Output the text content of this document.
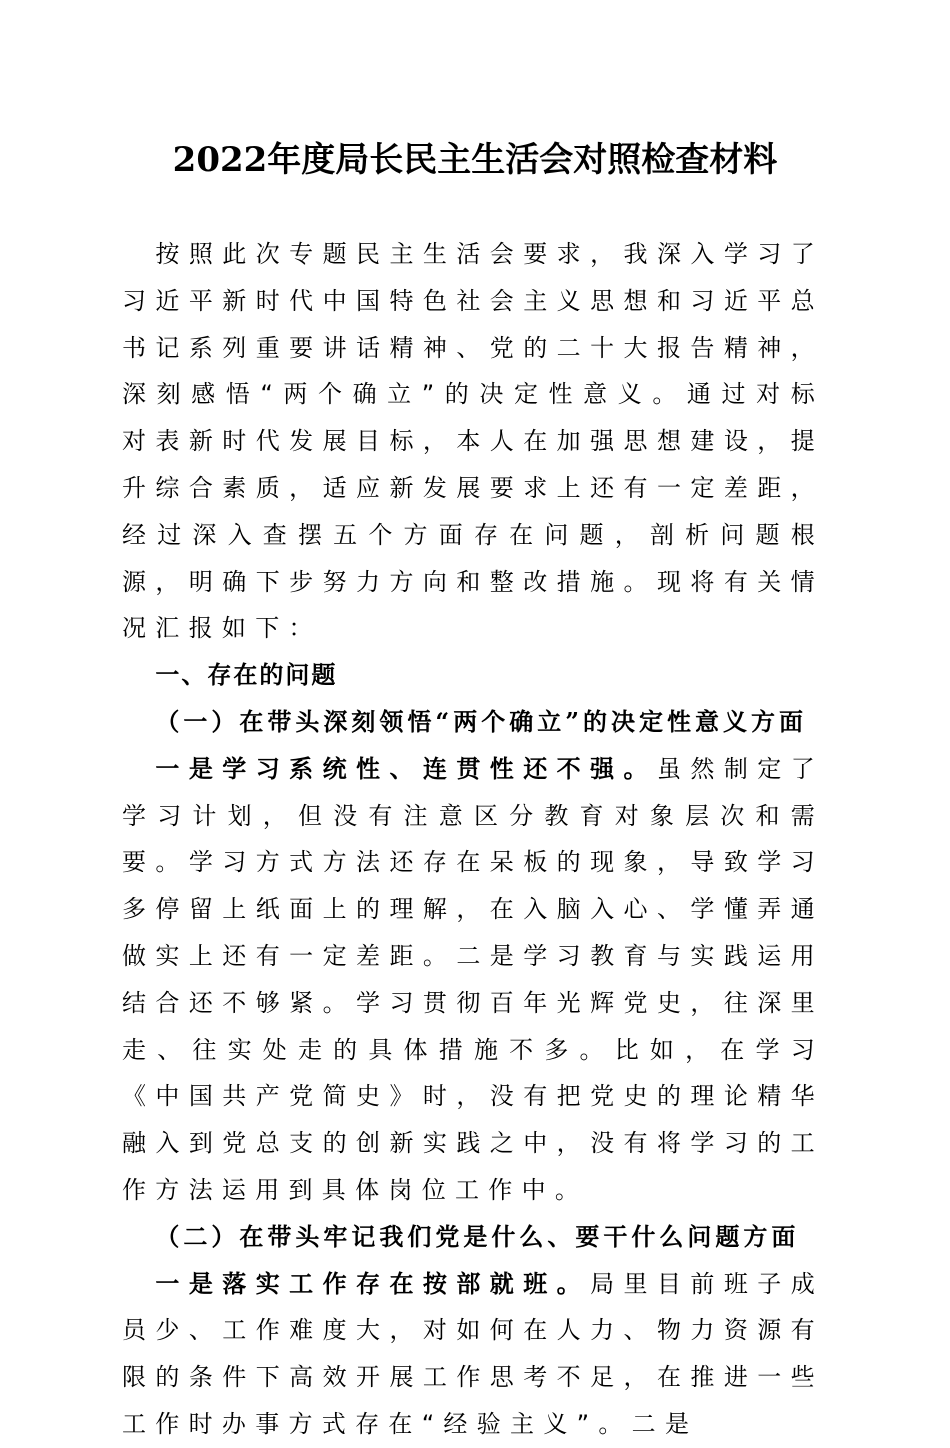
2022年度局长民主生活会对照检查材料

按照此次专题民主生活会要求，我深入学习了习近平新时代中国特色社会主义思想和习近平总书记系列重要讲话精神、党的二十大报告精神，深刻感悟“两个确立”的决定性意义。通过对标对表新时代发展目标，本人在加强思想建设，提升综合素质，适应新发展要求上还有一定差距，经过深入查摆五个方面存在问题，剖析问题根源，明确下步努力方向和整改措施。现将有关情况汇报如下：

一、存在的问题

（一）在带头深刻领悟“两个确立”的决定性意义方面

一是学习系统性、连贯性还不强。虽然制定了学习计划，但没有注意区分教育对象层次和需要。学习方式方法还存在呆板的现象，导致学习多停留上纸面上的理解，在入脑入心、学懂弄通做实上还有一定差距。二是学习教育与实践运用结合还不够紧。学习贯彻百年光辉党史，往深里走、往实处走的具体措施不多。比如，在学习《中国共产党简史》时，没有把党史的理论精华融入到党总支的创新实践之中，没有将学习的工作方法运用到具体岗位工作中。

（二）在带头牢记我们党是什么、要干什么问题方面

一是落实工作存在按部就班。局里目前班子成员少、工作难度大，对如何在人力、物力资源有限的条件下高效开展工作思考不足，在推进一些工作时办事方式存在“经验主义”。二是
